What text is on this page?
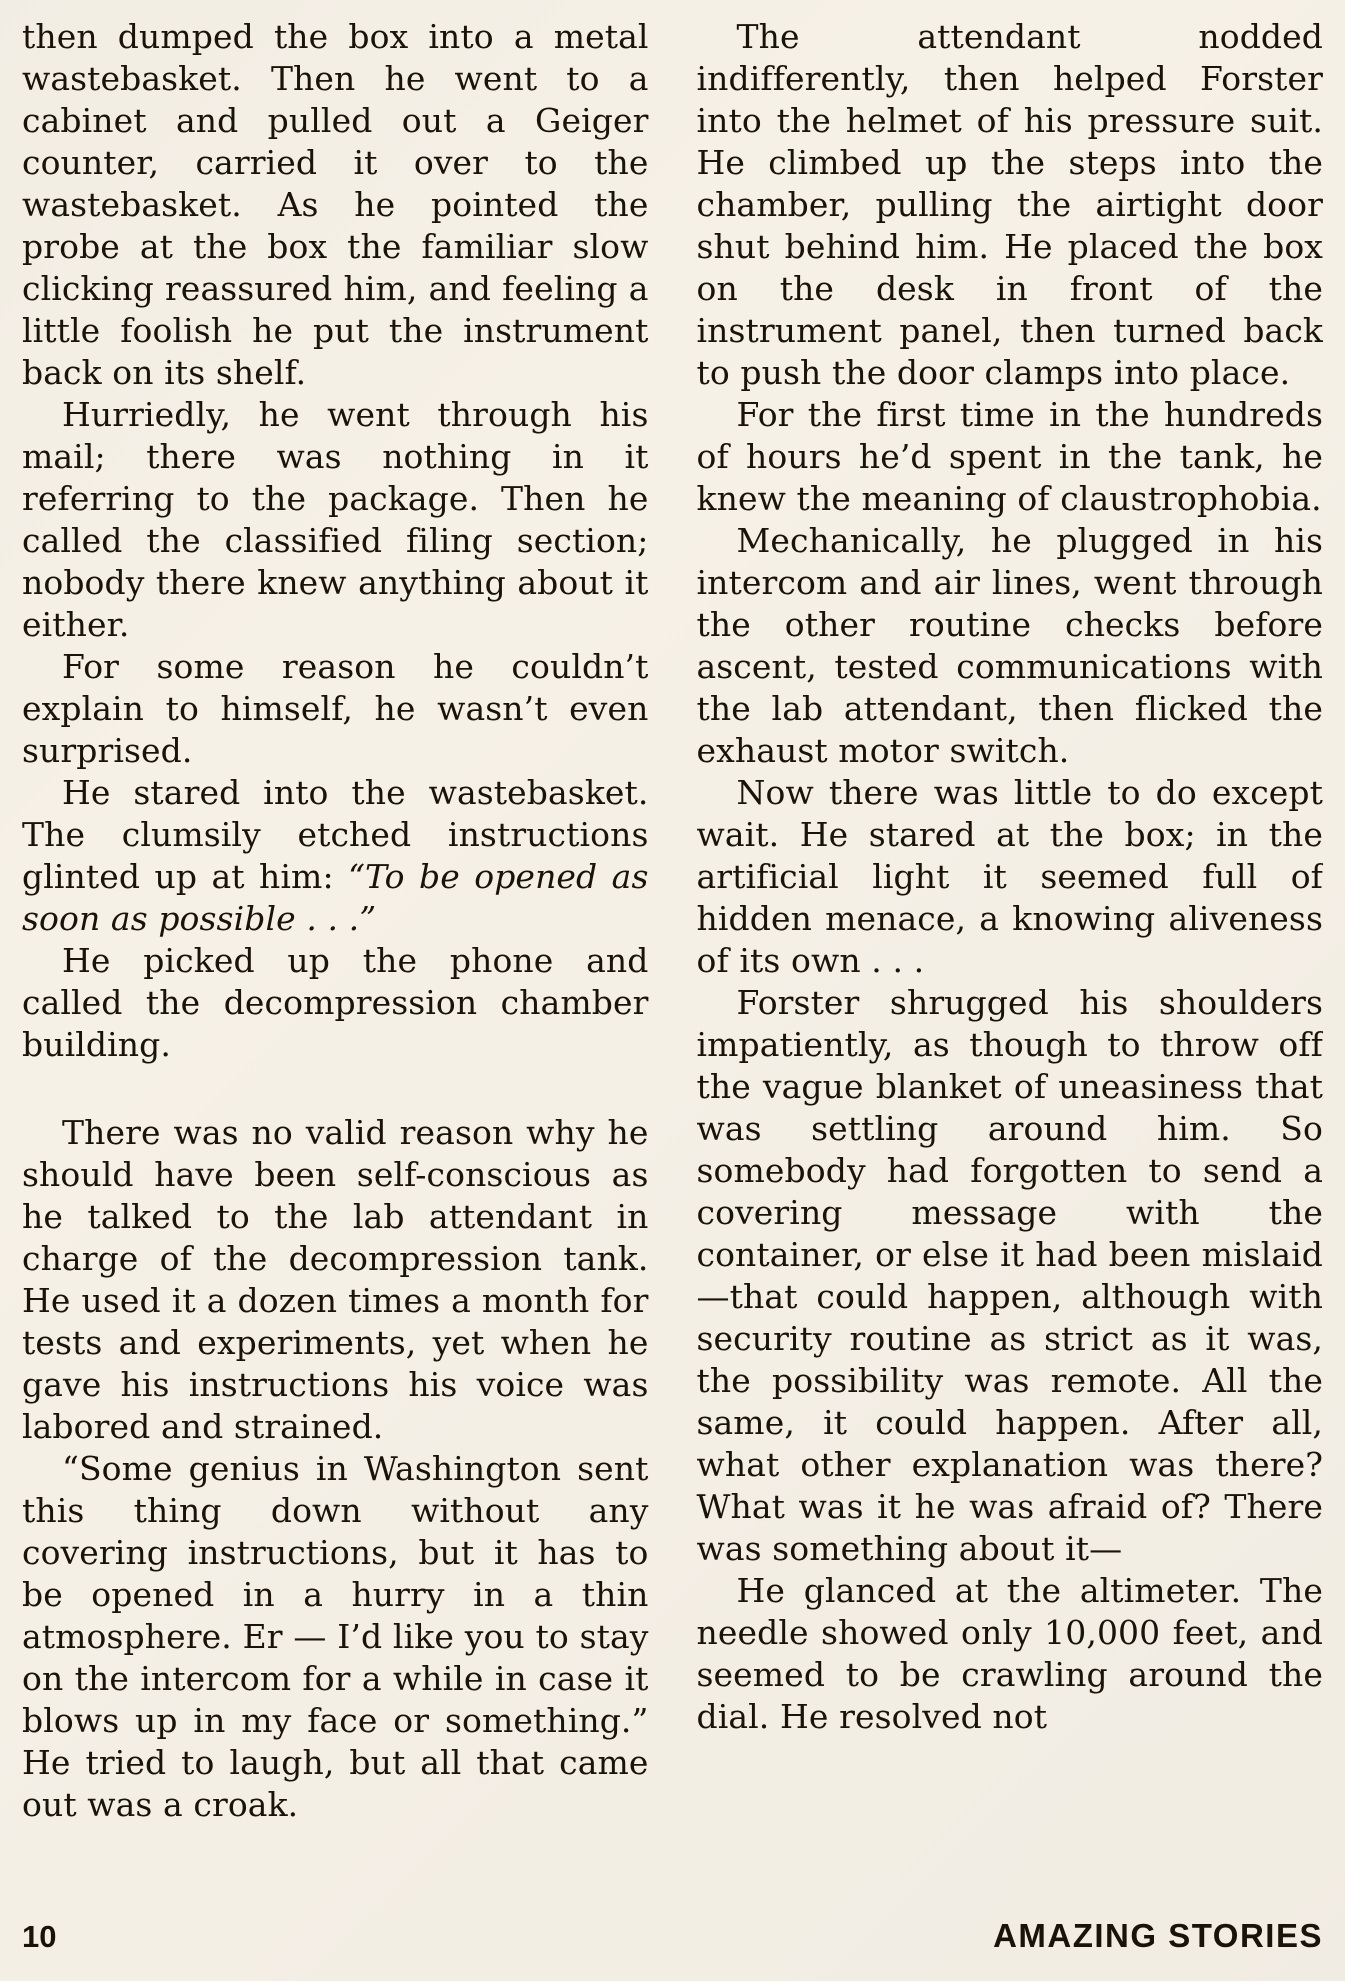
then dumped the box into a metal wastebasket. Then he went to a cabinet and pulled out a Geiger counter, carried it over to the wastebasket. As he pointed the probe at the box the familiar slow clicking reassured him, and feeling a little foolish he put the instrument back on its shelf.

Hurriedly, he went through his mail; there was nothing in it referring to the package. Then he called the classified filing section; nobody there knew anything about it either.

For some reason he couldn’t explain to himself, he wasn’t even surprised.

He stared into the wastebasket. The clumsily etched instructions glinted up at him: “To be opened as soon as possible . . .”

He picked up the phone and called the decompression chamber building.

There was no valid reason why he should have been self-conscious as he talked to the lab attendant in charge of the decompression tank. He used it a dozen times a month for tests and experiments, yet when he gave his instructions his voice was labored and strained.

“Some genius in Washington sent this thing down without any covering instructions, but it has to be opened in a hurry in a thin atmosphere. Er — I’d like you to stay on the intercom for a while in case it blows up in my face or something.” He tried to laugh, but all that came out was a croak.

The attendant nodded indifferently, then helped Forster into the helmet of his pressure suit. He climbed up the steps into the chamber, pulling the airtight door shut behind him. He placed the box on the desk in front of the instrument panel, then turned back to push the door clamps into place.

For the first time in the hundreds of hours he’d spent in the tank, he knew the meaning of claustrophobia.

Mechanically, he plugged in his intercom and air lines, went through the other routine checks before ascent, tested communications with the lab attendant, then flicked the exhaust motor switch.

Now there was little to do except wait. He stared at the box; in the artificial light it seemed full of hidden menace, a knowing aliveness of its own . . .

Forster shrugged his shoulders impatiently, as though to throw off the vague blanket of uneasiness that was settling around him. So somebody had forgotten to send a covering message with the container, or else it had been mislaid—that could happen, although with security routine as strict as it was, the possibility was remote. All the same, it could happen. After all, what other explanation was there? What was it he was afraid of? There was something about it—

He glanced at the altimeter. The needle showed only 10,000 feet, and seemed to be crawling around the dial. He resolved not

10	AMAZING STORIES
